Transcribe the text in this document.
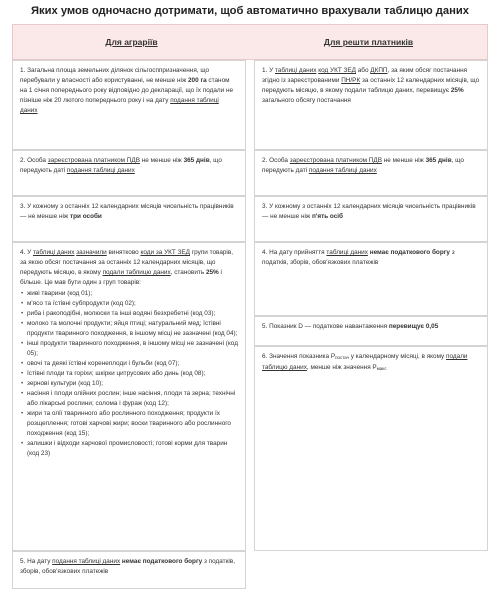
Яких умов одночасно дотримати, щоб автоматично врахували таблицю даних
Для аграріїв	Для решти платників
1. Загальна площа земельних ділянок сільгосппризначення, що перебували у власності або користуванні, не менше ніж 200 га станом на 1 січня попереднього року відповідно до декларації, що їх подали не пізніше ніж 20 лютого попереднього року і на дату подання таблиці даних
2. Особа зареєстрована платником ПДВ не менше ніж 365 днів, що передують даті подання таблиці даних
3. У кожному з останніх 12 календарних місяців чисельність працівників — не менше ніж три особи
4. У таблиці даних зазначили винятково коди за УКТ ЗЕД групи товарів, за якою обсяг постачання за останніх 12 календарних місяців, що передують місяцю, в якому подали таблицю даних, становить 25% і більше. Це мав бути один з груп товарів:
• живі тварини (код 01);
• м'ясо та їстівні субпродукти (код 02);
• риба і ракоподібні, молюски та інші водяні безхребетні (код 03);
• молоко та молочні продукти; яйця птиці; натуральний мед; їстівні продукти тваринного походження, в іншому місці не зазначені (код 04);
• інші продукти тваринного походження, в іншому місці не зазначені (код 05);
• овочі та деякі їстівні коренеплоди і бульби (код 07);
• їстівні плоди та горіхи; шкірки цитрусових або динь (код 08);
• зернові культури (код 10);
• насіння і плоди олійних рослин; інше насіння, плоди та зерна; технічні або лікарські рослини; солома і фураж (код 12);
• жири та олії тваринного або рослинного походження; продукти їх розщеплення; готові харчові жири; воски тваринного або рослинного походження (код 15);
• залишки і відходи харчової промисловості; готові корми для тварин (код 23)
5. На дату подання таблиці даних немає податкового боргу з податків, зборів, обов'язкових платежів
1. У таблиці даних код УКТ ЗЕД або ДКПП, за яким обсяг постачання згідно із зареєстрованими ПН/РК за останніх 12 календарних місяців, що передують місяцю, в якому подали таблицю даних, перевищує 25% загального обсягу постачання
2. Особа зареєстрована платником ПДВ не менше ніж 365 днів, що передують даті подання таблиці даних
3. У кожному з останніх 12 календарних місяців чисельність працівників — не менше ніж п'ять осіб
4. На дату прийняття таблиці даних немає податкового боргу з податків, зборів, обов'язкових платежів
5. Показник D — податкове навантаження перевищує 0,05
6. Значення показника $P_{постач}$ у календарному місяці, в якому подали таблицю даних, менше ніж значення $P_{макс}$
